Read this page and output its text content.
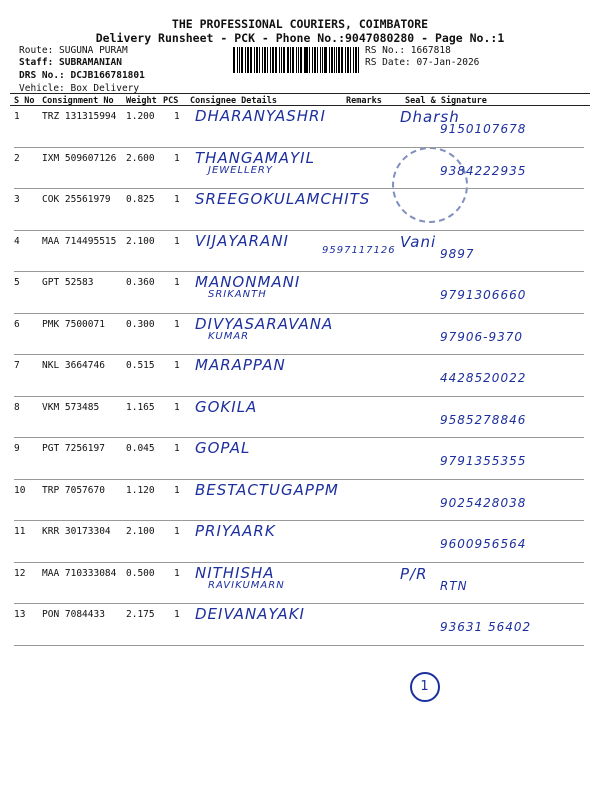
THE PROFESSIONAL COURIERS, COIMBATORE
Delivery Runsheet - PCK - Phone No.:9047080280 - Page No.:1
Route: SUGUNA PURAM
Staff: SUBRAMANIAN
DRS No.: DCJB166781801
Vehicle: Box Delivery
RS No.: 1667818
RS Date: 07-Jan-2026
S No Consignment No Weight PCS Consignee Details	Remarks	Seal & Signature
1 TRZ 131315994 1.200 1 DHARANYASHRI	Dharsh
9150107678
2 IXM 509607126 2.600 1 THANGAMAYIL
JEWELLERY	9384222935
3 COK 25561979 0.825 1 SREEGOKULAMCHITS
4 MAA 714495515 2.100 1 VIJAYARANI
9597117126 Vani
9897
5 GPT 52583	0.360 1 MANONMANI
SRIKANTH	9791306660
6 PMK 7500071 0.300 1 DIVYASARAVANA
KUMAR	97906-9370
7 NKL 3664746 0.515 1 MARAPPAN
4428520022
8 VKM 573485	1.165 1 GOKILA
9585278846
9 PGT 7256197 0.045 1 GOPAL
9791355355
10 TRP 7057670 1.120 1 BESTACTUGAPPM
9025428038
11 KRR 30173304 2.100 1 PRIYAARK
9600956564
12 MAA 710333084 0.500 1 NITHISHA
RAVIKUMARN
P/R
RTN
13 PON 7084433 2.175 1 DEIVANAYAKI
93631 56402
1
